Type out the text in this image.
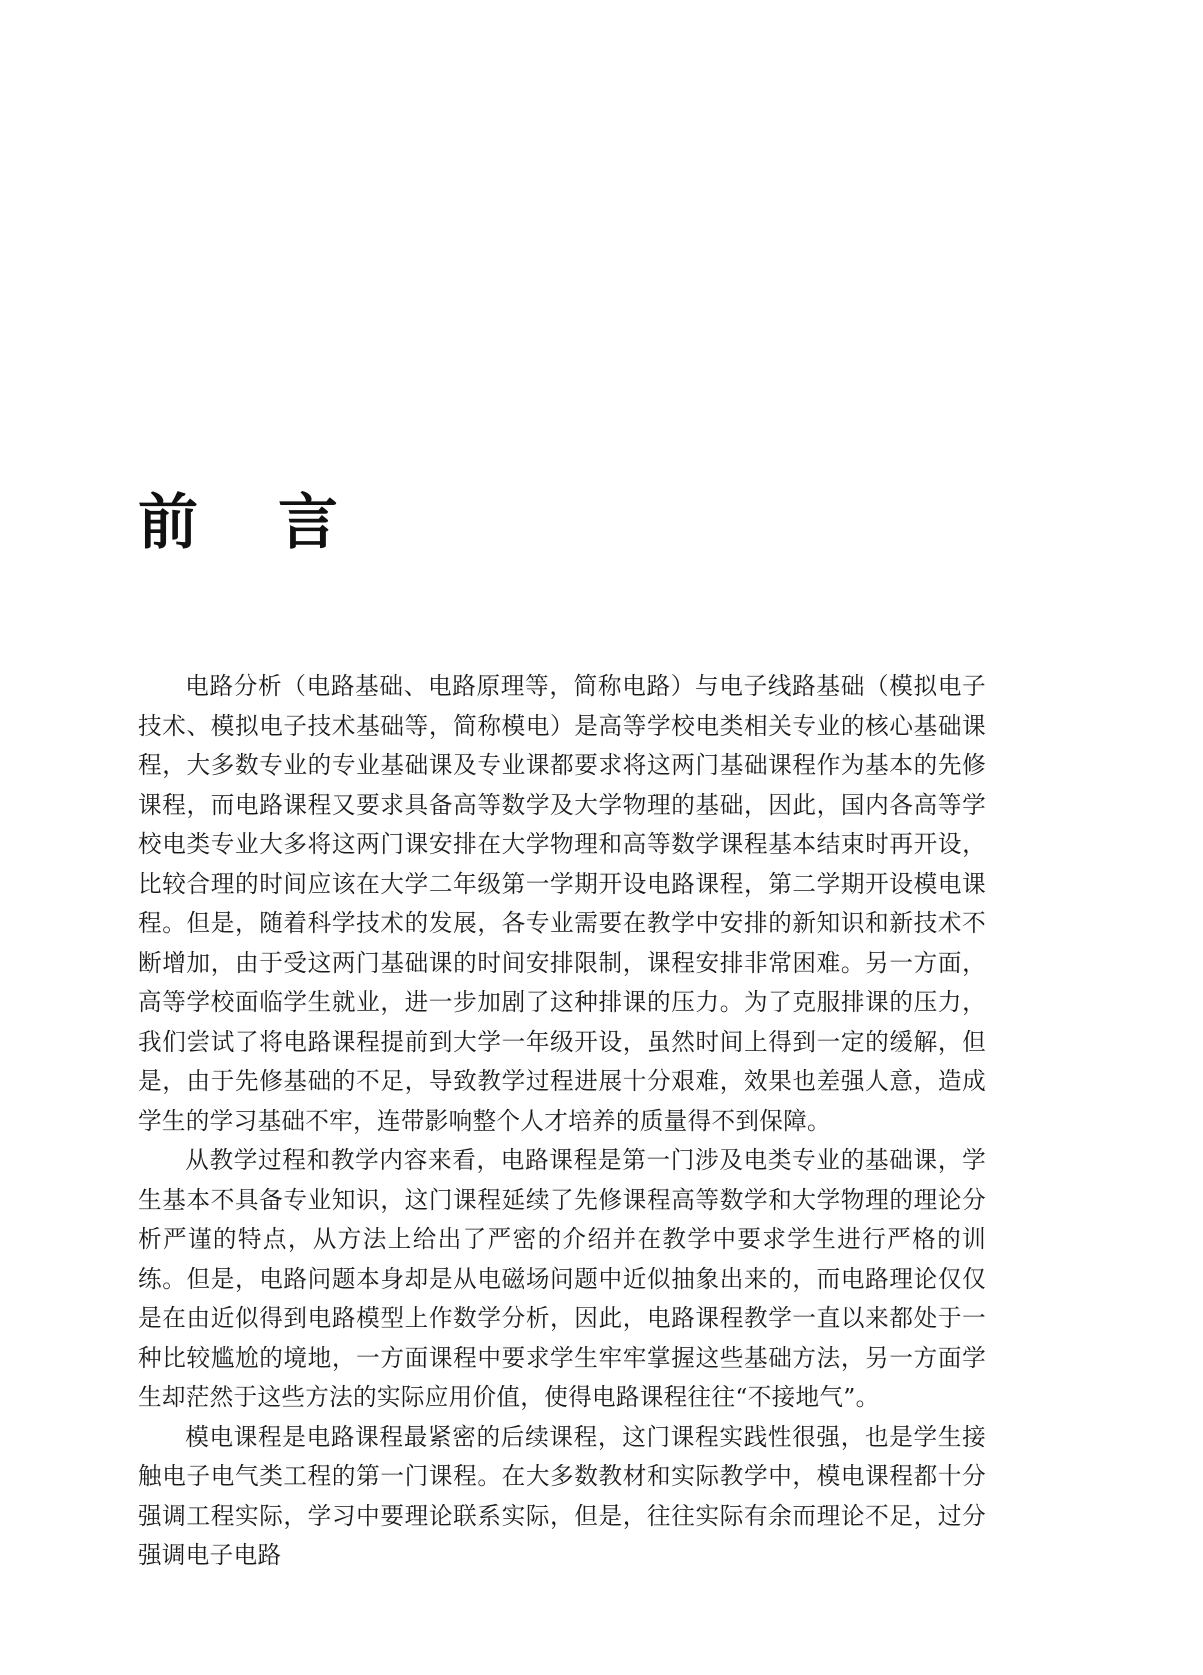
前言

电路分析（电路基础、电路原理等，简称电路）与电子线路基础（模拟电子技术、模拟电子技术基础等，简称模电）是高等学校电类相关专业的核心基础课程，大多数专业的专业基础课及专业课都要求将这两门基础课程作为基本的先修课程，而电路课程又要求具备高等数学及大学物理的基础，因此，国内各高等学校电类专业大多将这两门课安排在大学物理和高等数学课程基本结束时再开设，比较合理的时间应该在大学二年级第一学期开设电路课程，第二学期开设模电课程。但是，随着科学技术的发展，各专业需要在教学中安排的新知识和新技术不断增加，由于受这两门基础课的时间安排限制，课程安排非常困难。另一方面，高等学校面临学生就业，进一步加剧了这种排课的压力。为了克服排课的压力，我们尝试了将电路课程提前到大学一年级开设，虽然时间上得到一定的缓解，但是，由于先修基础的不足，导致教学过程进展十分艰难，效果也差强人意，造成学生的学习基础不牢，连带影响整个人才培养的质量得不到保障。

从教学过程和教学内容来看，电路课程是第一门涉及电类专业的基础课，学生基本不具备专业知识，这门课程延续了先修课程高等数学和大学物理的理论分析严谨的特点，从方法上给出了严密的介绍并在教学中要求学生进行严格的训练。但是，电路问题本身却是从电磁场问题中近似抽象出来的，而电路理论仅仅是在由近似得到电路模型上作数学分析，因此，电路课程教学一直以来都处于一种比较尴尬的境地，一方面课程中要求学生牢牢掌握这些基础方法，另一方面学生却茫然于这些方法的实际应用价值，使得电路课程往往“不接地气”。

模电课程是电路课程最紧密的后续课程，这门课程实践性很强，也是学生接触电子电气类工程的第一门课程。在大多数教材和实际教学中，模电课程都十分强调工程实际，学习中要理论联系实际，但是，往往实际有余而理论不足，过分强调电子电路
